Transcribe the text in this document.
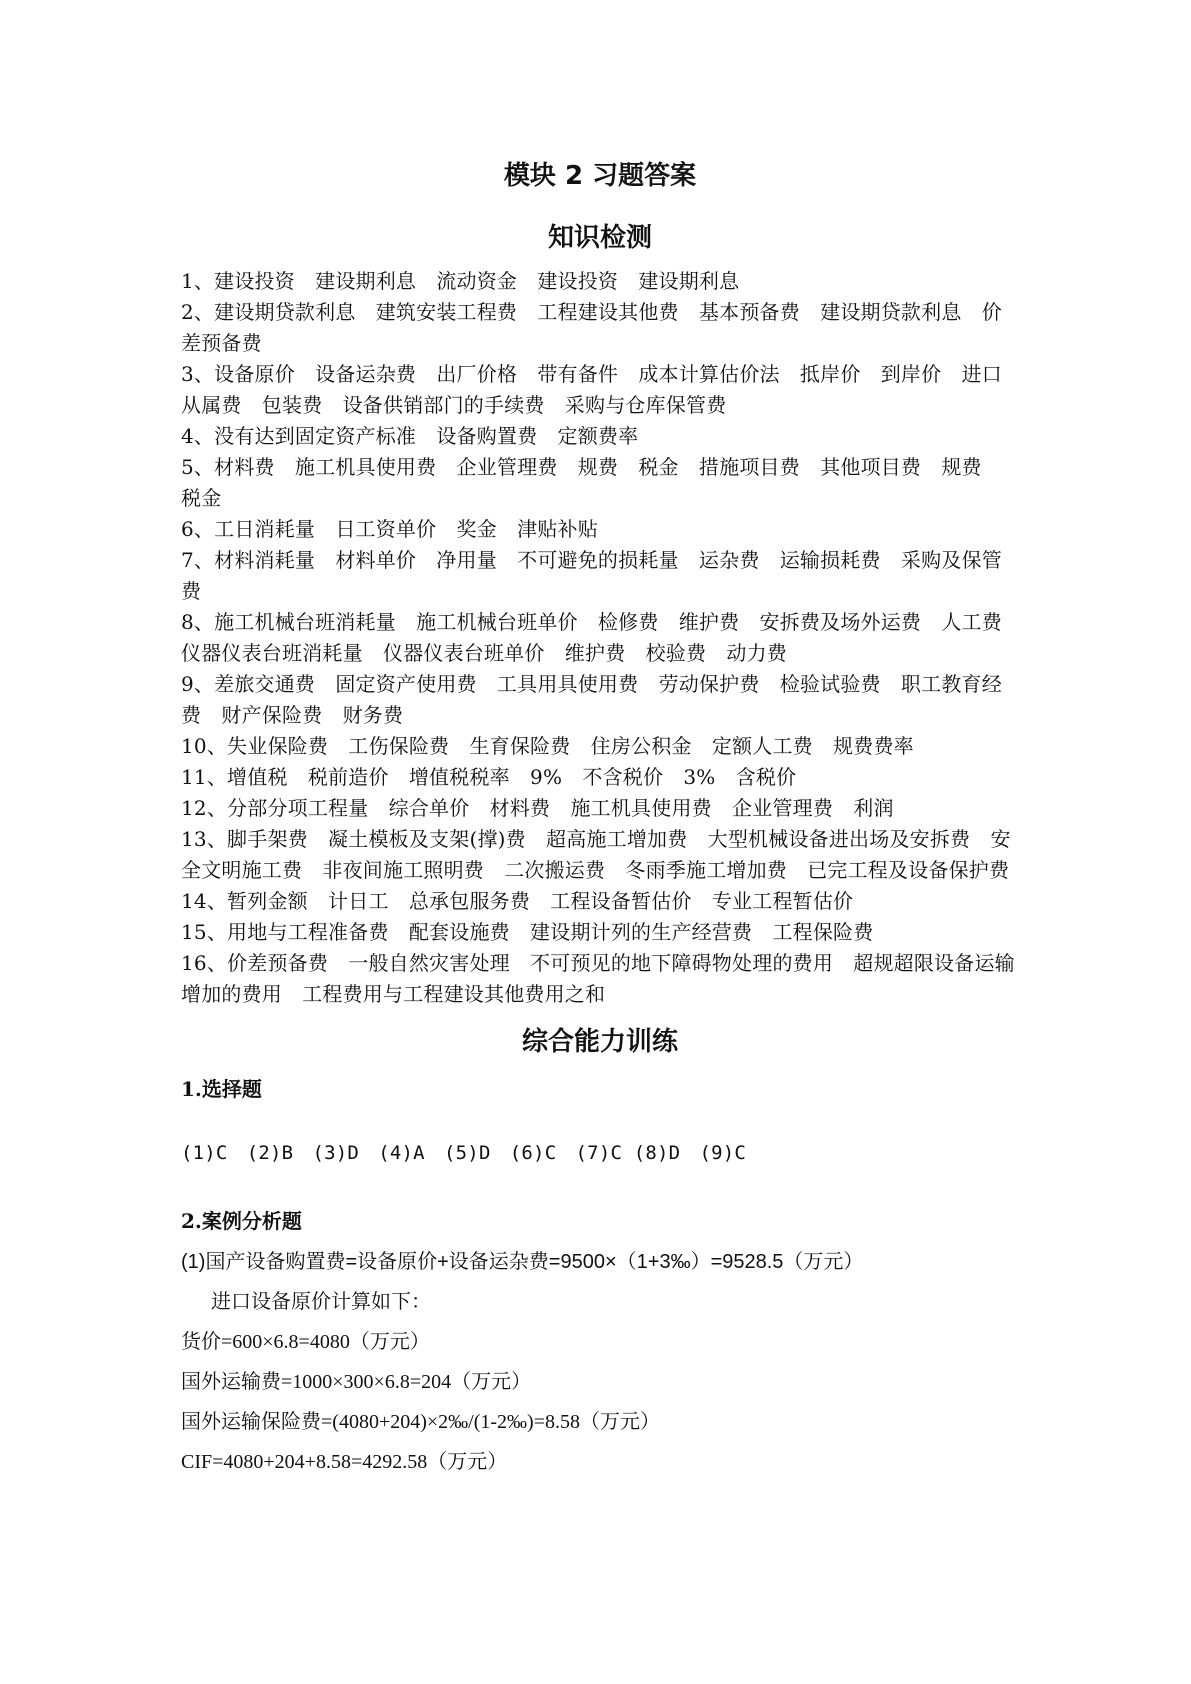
模块 2 习题答案
知识检测
1、建设投资　建设期利息　流动资金　建设投资　建设期利息
2、建设期贷款利息　建筑安装工程费　工程建设其他费　基本预备费　建设期贷款利息　价差预备费
3、设备原价　设备运杂费　出厂价格　带有备件　成本计算估价法　抵岸价　到岸价　进口从属费　包装费　设备供销部门的手续费　采购与仓库保管费
4、没有达到固定资产标准　设备购置费　定额费率
5、材料费　施工机具使用费　企业管理费　规费　税金　措施项目费　其他项目费　规费　税金
6、工日消耗量　日工资单价　奖金　津贴补贴
7、材料消耗量　材料单价　净用量　不可避免的损耗量　运杂费　运输损耗费　采购及保管费
8、施工机械台班消耗量　施工机械台班单价　检修费　维护费　安拆费及场外运费　人工费　仪器仪表台班消耗量　仪器仪表台班单价　维护费　校验费　动力费
9、差旅交通费　固定资产使用费　工具用具使用费　劳动保护费　检验试验费　职工教育经费　财产保险费　财务费
10、失业保险费　工伤保险费　生育保险费　住房公积金　定额人工费　规费费率
11、增值税　税前造价　增值税税率　9%　不含税价　3%　含税价
12、分部分项工程量　综合单价　材料费　施工机具使用费　企业管理费　利润
13、脚手架费　凝土模板及支架(撑)费　超高施工增加费　大型机械设备进出场及安拆费　安全文明施工费　非夜间施工照明费　二次搬运费　冬雨季施工增加费　已完工程及设备保护费
14、暂列金额　计日工　总承包服务费　工程设备暂估价　专业工程暂估价
15、用地与工程准备费　配套设施费　建设期计列的生产经营费　工程保险费
16、价差预备费　一般自然灾害处理　不可预见的地下障碍物处理的费用　超规超限设备运输增加的费用　工程费用与工程建设其他费用之和
综合能力训练
1.选择题
(1)C　(2)B　(3)D　(4)A　(5)D　(6)C　(7)C (8)D　(9)C
2.案例分析题

(1)国产设备购置费=设备原价+设备运杂费=9500×（1+3‰）=9528.5（万元）

进口设备原价计算如下：

货价=600×6.8=4080（万元）

国外运输费=1000×300×6.8=204（万元）

国外运输保险费=(4080+204)×2‰/(1-2‰)=8.58（万元）

CIF=4080+204+8.58=4292.58（万元）
